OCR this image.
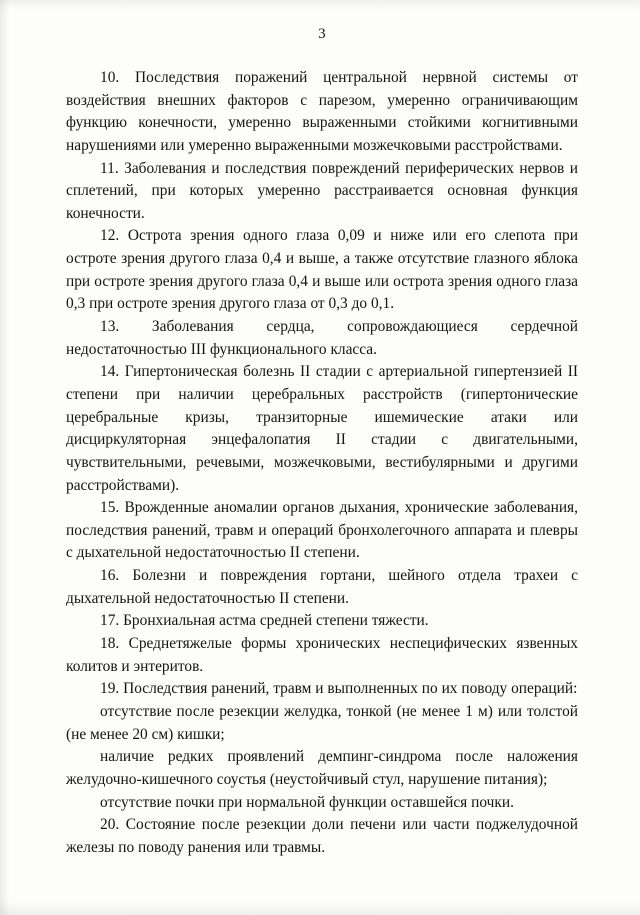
3

10. Последствия поражений центральной нервной системы от воздействия внешних факторов с парезом, умеренно ограничивающим функцию конечности, умеренно выраженными стойкими когнитивными нарушениями или умеренно выраженными мозжечковыми расстройствами.

11. Заболевания и последствия повреждений периферических нервов и сплетений, при которых умеренно расстраивается основная функция конечности.

12. Острота зрения одного глаза 0,09 и ниже или его слепота при остроте зрения другого глаза 0,4 и выше, а также отсутствие глазного яблока при остроте зрения другого глаза 0,4 и выше или острота зрения одного глаза 0,3 при остроте зрения другого глаза от 0,3 до 0,1.

13. Заболевания сердца, сопровождающиеся сердечной недостаточностью III функционального класса.

14. Гипертоническая болезнь II стадии с артериальной гипертензией II степени при наличии церебральных расстройств (гипертонические церебральные кризы, транзиторные ишемические атаки или дисциркуляторная энцефалопатия II стадии с двигательными, чувствительными, речевыми, мозжечковыми, вестибулярными и другими расстройствами).

15. Врожденные аномалии органов дыхания, хронические заболевания, последствия ранений, травм и операций бронхолегочного аппарата и плевры с дыхательной недостаточностью II степени.

16. Болезни и повреждения гортани, шейного отдела трахеи с дыхательной недостаточностью II степени.

17. Бронхиальная астма средней степени тяжести.

18. Среднетяжелые формы хронических неспецифических язвенных колитов и энтеритов.

19. Последствия ранений, травм и выполненных по их поводу операций:

отсутствие после резекции желудка, тонкой (не менее 1 м) или толстой (не менее 20 см) кишки;

наличие редких проявлений демпинг-синдрома после наложения желудочно-кишечного соустья (неустойчивый стул, нарушение питания);

отсутствие почки при нормальной функции оставшейся почки.

20. Состояние после резекции доли печени или части поджелудочной железы по поводу ранения или травмы.
